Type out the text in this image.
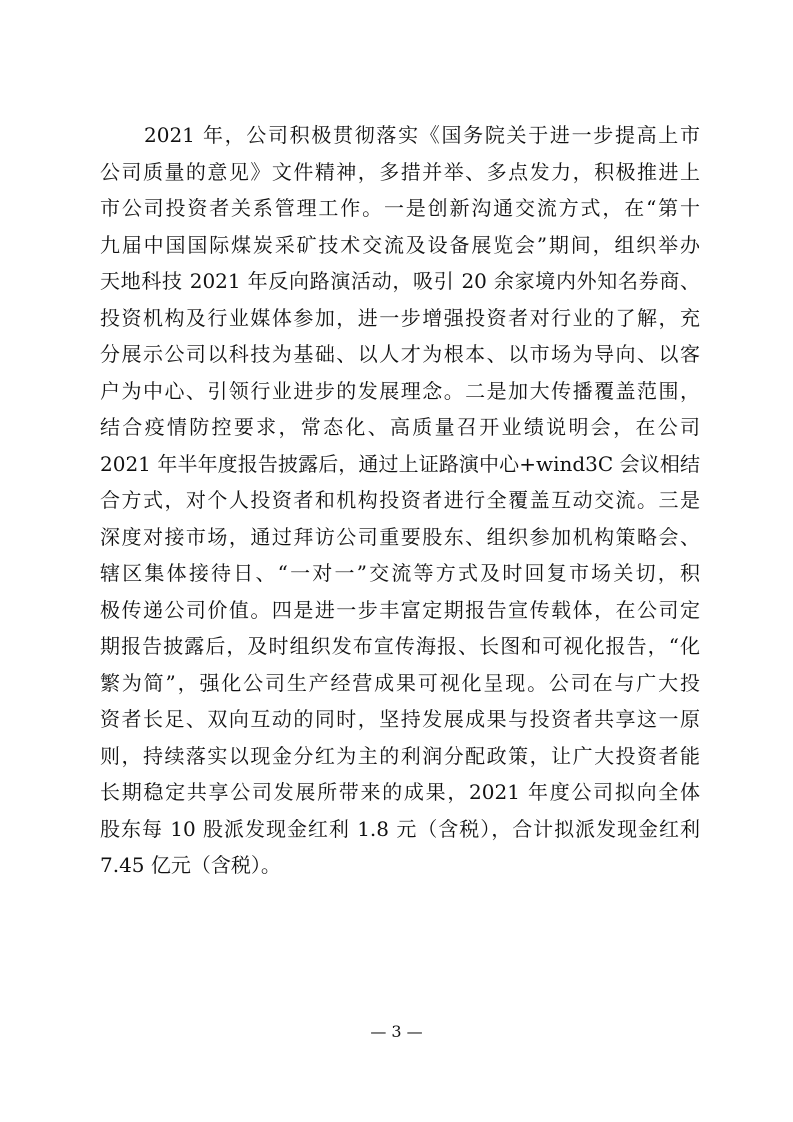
2021 年，公司积极贯彻落实《国务院关于进一步提高上市
公司质量的意见》文件精神，多措并举、多点发力，积极推进上
市公司投资者关系管理工作。一是创新沟通交流方式，在“第十
九届中国国际煤炭采矿技术交流及设备展览会”期间，组织举办
天地科技 2021 年反向路演活动，吸引 20 余家境内外知名券商、
投资机构及行业媒体参加，进一步增强投资者对行业的了解，充
分展示公司以科技为基础、以人才为根本、以市场为导向、以客
户为中心、引领行业进步的发展理念。二是加大传播覆盖范围，
结合疫情防控要求，常态化、高质量召开业绩说明会，在公司
2021 年半年度报告披露后，通过上证路演中心+wind3C 会议相结
合方式，对个人投资者和机构投资者进行全覆盖互动交流。三是
深度对接市场，通过拜访公司重要股东、组织参加机构策略会、
辖区集体接待日、“一对一”交流等方式及时回复市场关切，积
极传递公司价值。四是进一步丰富定期报告宣传载体，在公司定
期报告披露后，及时组织发布宣传海报、长图和可视化报告，“化
繁为简”，强化公司生产经营成果可视化呈现。公司在与广大投
资者长足、双向互动的同时，坚持发展成果与投资者共享这一原
则，持续落实以现金分红为主的利润分配政策，让广大投资者能
长期稳定共享公司发展所带来的成果，2021 年度公司拟向全体
股东每 10 股派发现金红利 1.8 元（含税），合计拟派发现金红利
7.45 亿元（含税）。
— 3 —
